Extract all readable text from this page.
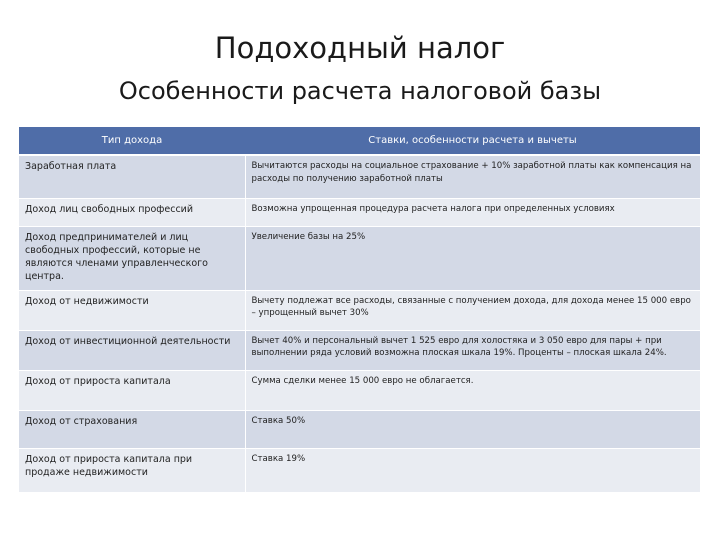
Подоходный налог
Особенности расчета налоговой базы
Тип дохода	Ставки, особенности расчета и вычеты
Заработная плата	Вычитаются расходы на социальное страхование + 10% заработной платы как компенсация на расходы по получению заработной платы
Доход лиц свободных профессий	Возможна упрощенная процедура расчета налога при определенных условиях
Доход предпринимателей и лиц свободных профессий, которые не являются членами управленческого центра.	Увеличение базы на 25%
Доход от недвижимости	Вычету подлежат все расходы, связанные с получением дохода, для дохода менее 15 000 евро – упрощенный вычет 30%
Доход от инвестиционной деятельности	Вычет 40% и персональный вычет 1 525 евро для холостяка и 3 050 евро для пары + при выполнении ряда условий возможна плоская шкала 19%. Проценты – плоская шкала 24%.
Доход от прироста капитала	Сумма сделки менее 15 000 евро не облагается.
Доход от страхования	Ставка 50%
Доход от прироста капитала при продаже недвижимости	Ставка 19%
